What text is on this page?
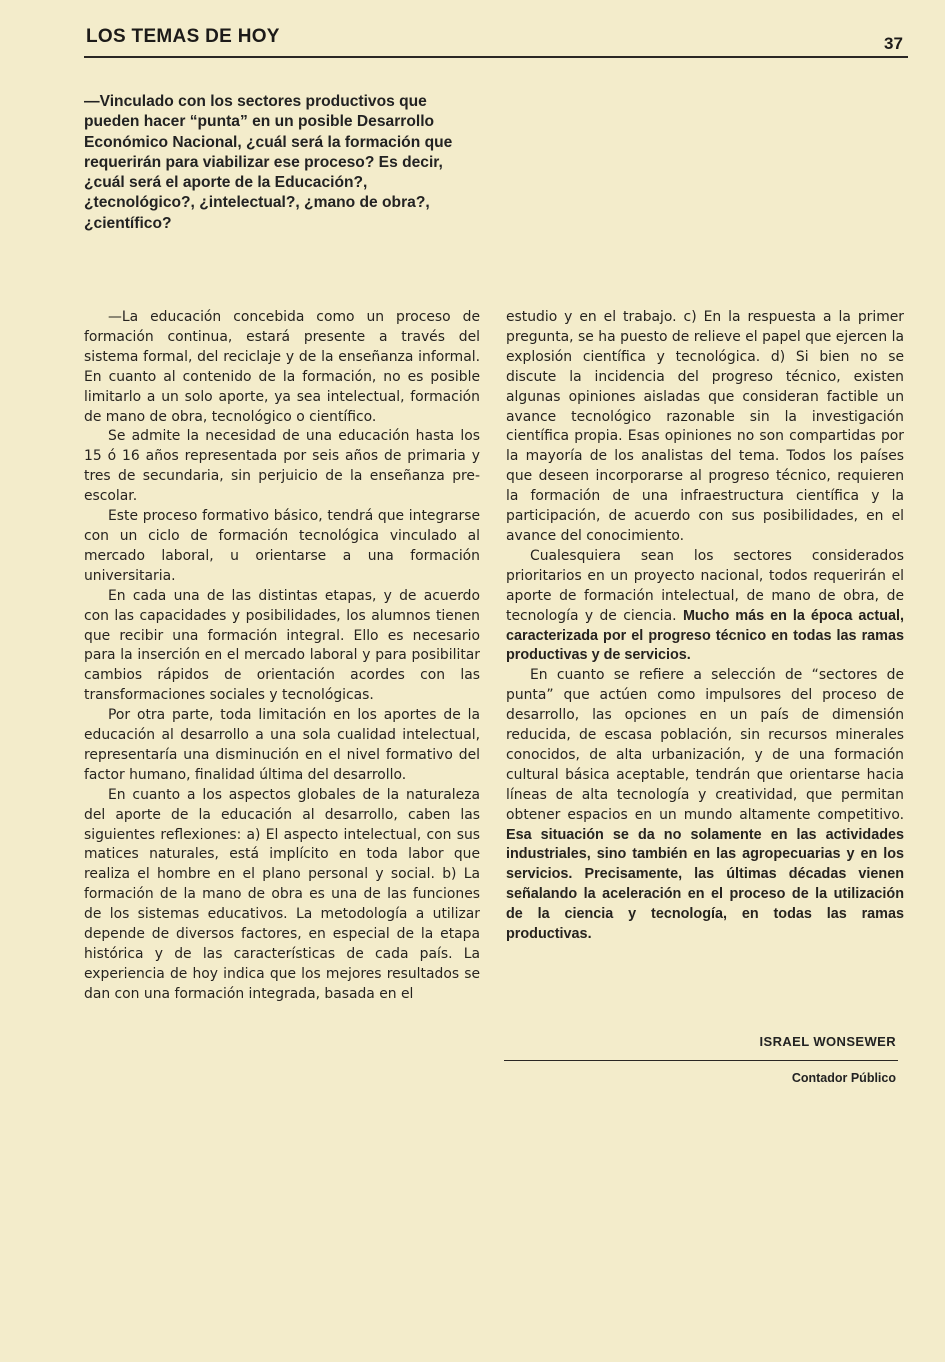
LOS TEMAS DE HOY	37
—Vinculado con los sectores productivos que pueden hacer “punta” en un posible Desarrollo Económico Nacional, ¿cuál será la formación que requerirán para viabilizar ese proceso? Es decir, ¿cuál será el aporte de la Educación?, ¿tecnológico?, ¿intelectual?, ¿mano de obra?, ¿científico?

—La educación concebida como un proceso de formación continua, estará presente a través del sistema formal, del reciclaje y de la enseñanza informal. En cuanto al contenido de la formación, no es posible limitarlo a un solo aporte, ya sea intelectual, formación de mano de obra, tecnológico o científico.

Se admite la necesidad de una educación hasta los 15 ó 16 años representada por seis años de primaria y tres de secundaria, sin perjuicio de la enseñanza pre-escolar.

Este proceso formativo básico, tendrá que integrarse con un ciclo de formación tecnológica vinculado al mercado laboral, u orientarse a una formación universitaria.

En cada una de las distintas etapas, y de acuerdo con las capacidades y posibilidades, los alumnos tienen que recibir una formación integral. Ello es necesario para la inserción en el mercado laboral y para posibilitar cambios rápidos de orientación acordes con las transformaciones sociales y tecnológicas.

Por otra parte, toda limitación en los aportes de la educación al desarrollo a una sola cualidad intelectual, representaría una disminución en el nivel formativo del factor humano, finalidad última del desarrollo.

En cuanto a los aspectos globales de la naturaleza del aporte de la educación al desarrollo, caben las siguientes reflexiones: a) El aspecto intelectual, con sus matices naturales, está implícito en toda labor que realiza el hombre en el plano personal y social. b) La formación de la mano de obra es una de las funciones de los sistemas educativos. La metodología a utilizar depende de diversos factores, en especial de la etapa histórica y de las características de cada país. La experiencia de hoy indica que los mejores resultados se dan con una formación integrada, basada en el

estudio y en el trabajo. c) En la respuesta a la primer pregunta, se ha puesto de relieve el papel que ejercen la explosión científica y tecnológica. d) Si bien no se discute la incidencia del progreso técnico, existen algunas opiniones aisladas que consideran factible un avance tecnológico razonable sin la investigación científica propia. Esas opiniones no son compartidas por la mayoría de los analistas del tema. Todos los países que deseen incorporarse al progreso técnico, requieren la formación de una infraestructura científica y la participación, de acuerdo con sus posibilidades, en el avance del conocimiento.

Cualesquiera sean los sectores considerados prioritarios en un proyecto nacional, todos requerirán el aporte de formación intelectual, de mano de obra, de tecnología y de ciencia. Mucho más en la época actual, caracterizada por el progreso técnico en todas las ramas productivas y de servicios.

En cuanto se refiere a selección de “sectores de punta” que actúen como impulsores del proceso de desarrollo, las opciones en un país de dimensión reducida, de escasa población, sin recursos minerales conocidos, de alta urbanización, y de una formación cultural básica aceptable, tendrán que orientarse hacia líneas de alta tecnología y creatividad, que permitan obtener espacios en un mundo altamente competitivo. Esa situación se da no solamente en las actividades industriales, sino también en las agropecuarias y en los servicios. Precisamente, las últimas décadas vienen señalando la aceleración en el proceso de la utilización de la ciencia y tecnología, en todas las ramas productivas.

ISRAEL WONSEWER
Contador Público
